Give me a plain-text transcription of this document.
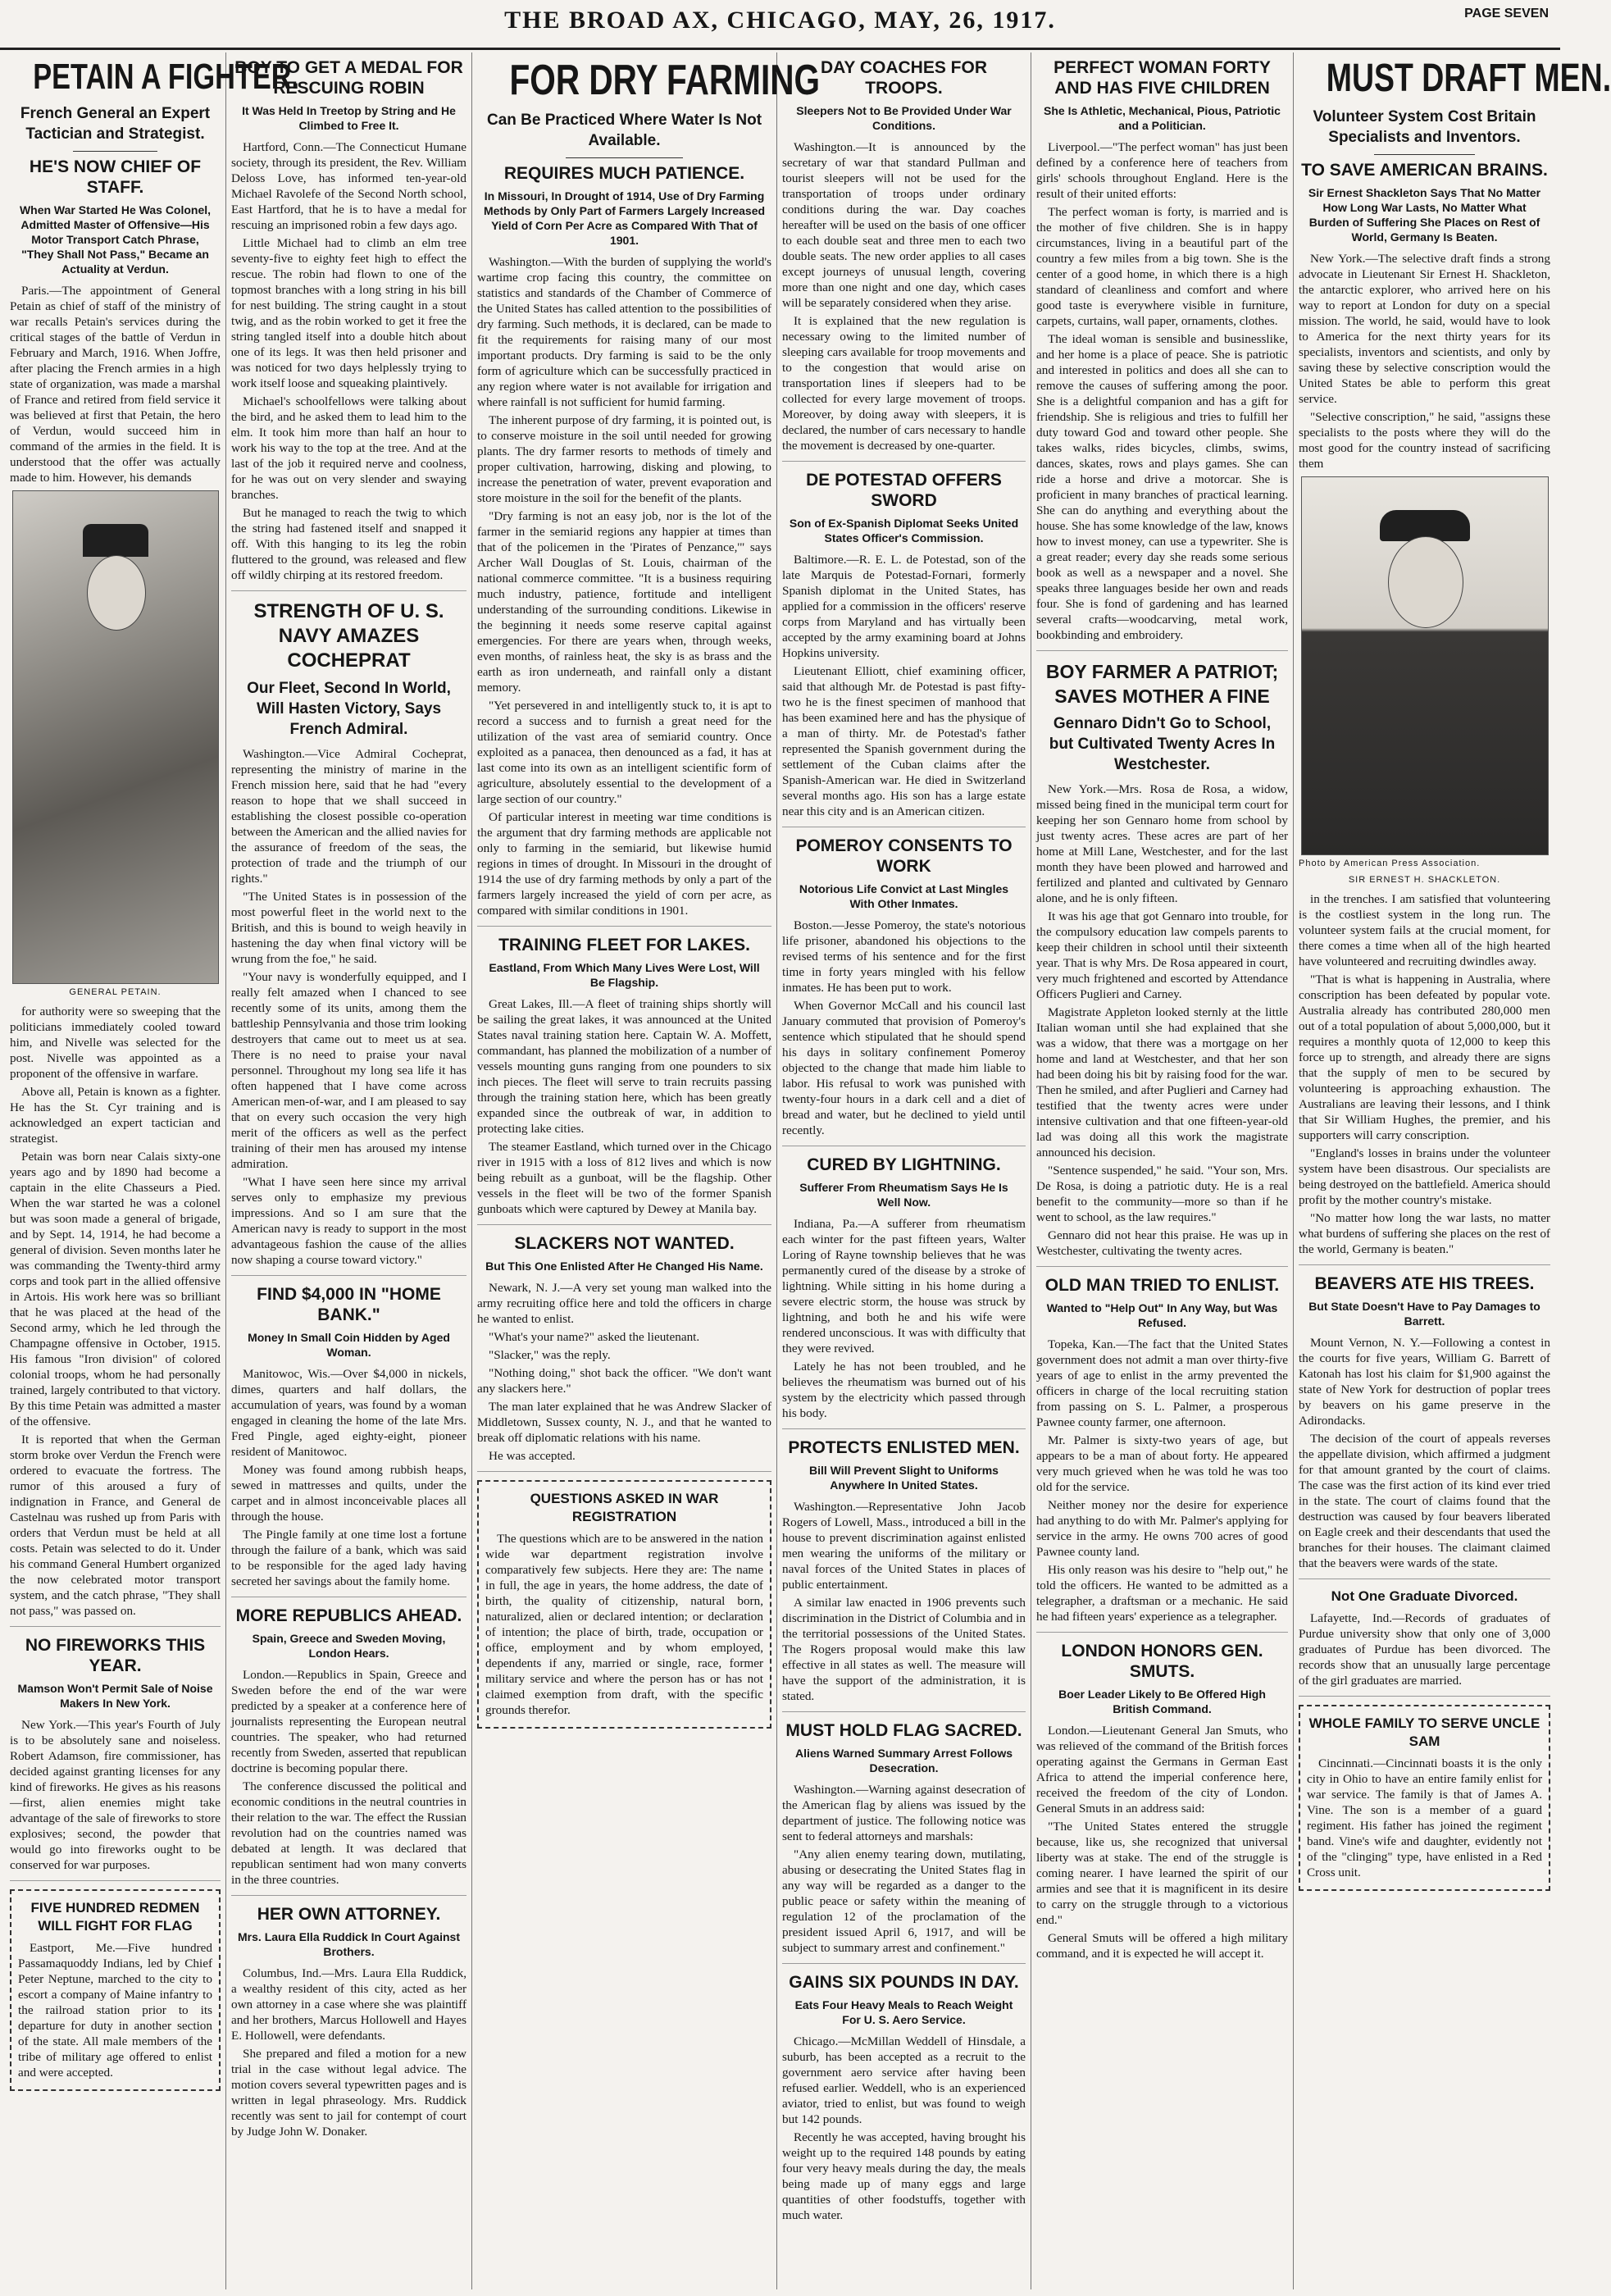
THE BROAD AX, CHICAGO, MAY, 26, 1917.	PAGE SEVEN
PETAIN A FIGHTER.
French General an Expert Tactician and Strategist.
HE'S NOW CHIEF OF STAFF.
When War Started He Was Colonel, Admitted Master of Offensive—His Motor Transport Catch Phrase, "They Shall Not Pass," Became an Actuality at Verdun.

Paris.—The appointment of General Petain as chief of staff of the ministry of war recalls Petain's services during the critical stages of the battle of Verdun in February and March, 1916. When Joffre, after placing the French armies in a high state of organization, was made a marshal of France and retired from field service it was believed at first that Petain, the hero of Verdun, would succeed him in command of the armies in the field. It is understood that the offer was actually made to him. However, his demands

GENERAL PETAIN.

for authority were so sweeping that the politicians immediately cooled toward him, and Nivelle was selected for the post. Nivelle was appointed as a proponent of the offensive in warfare.

Above all, Petain is known as a fighter. He has the St. Cyr training and is acknowledged an expert tactician and strategist.

Petain was born near Calais sixty-one years ago and by 1890 had become a captain in the elite Chasseurs a Pied. When the war started he was a colonel but was soon made a general of brigade, and by Sept. 14, 1914, he had become a general of division. Seven months later he was commanding the Twenty-third army corps and took part in the allied offensive in Artois. His work here was so brilliant that he was placed at the head of the Second army, which he led through the Champagne offensive in October, 1915. His famous "Iron division" of colored colonial troops, whom he had personally trained, largely contributed to that victory. By this time Petain was admitted a master of the offensive.

It is reported that when the German storm broke over Verdun the French were ordered to evacuate the fortress. The rumor of this aroused a fury of indignation in France, and General de Castelnau was rushed up from Paris with orders that Verdun must be held at all costs. Petain was selected to do it. Under his command General Humbert organized the now celebrated motor transport system, and the catch phrase, "They shall not pass," was passed on.

NO FIREWORKS THIS YEAR.
Mamson Won't Permit Sale of Noise Makers In New York.

New York.—This year's Fourth of July is to be absolutely sane and noiseless. Robert Adamson, fire commissioner, has decided against granting licenses for any kind of fireworks. He gives as his reasons—first, alien enemies might take advantage of the sale of fireworks to store explosives; second, the powder that would go into fireworks ought to be conserved for war purposes.

FIVE HUNDRED REDMEN WILL FIGHT FOR FLAG

Eastport, Me.—Five hundred Passamaquoddy Indians, led by Chief Peter Neptune, marched to the city to escort a company of Maine infantry to the railroad station prior to its departure for duty in another section of the state. All male members of the tribe of military age offered to enlist and were accepted.

BOY TO GET A MEDAL FOR RESCUING ROBIN
It Was Held In Treetop by String and He Climbed to Free It.

Hartford, Conn.—The Connecticut Humane society, through its president, the Rev. William Deloss Love, has informed ten-year-old Michael Ravolefe of the Second North school, East Hartford, that he is to have a medal for rescuing an imprisoned robin a few days ago.

Little Michael had to climb an elm tree seventy-five to eighty feet high to effect the rescue. The robin had flown to one of the topmost branches with a long string in his bill for nest building. The string caught in a stout twig, and as the robin worked to get it free the string tangled itself into a double hitch about one of its legs. It was then held prisoner and was noticed for two days helplessly trying to work itself loose and squeaking plaintively.

Michael's schoolfellows were talking about the bird, and he asked them to lead him to the elm. It took him more than half an hour to work his way to the top at the tree. And at the last of the job it required nerve and coolness, for he was out on very slender and swaying branches.

But he managed to reach the twig to which the string had fastened itself and snapped it off. With this hanging to its leg the robin fluttered to the ground, was released and flew off wildly chirping at its restored freedom.

STRENGTH OF U. S. NAVY AMAZES COCHEPRAT
Our Fleet, Second In World, Will Hasten Victory, Says French Admiral.

Washington.—Vice Admiral Cocheprat, representing the ministry of marine in the French mission here, said that he had "every reason to hope that we shall succeed in establishing the closest possible co-operation between the American and the allied navies for the assurance of freedom of the seas, the protection of trade and the triumph of our rights."

"The United States is in possession of the most powerful fleet in the world next to the British, and this is bound to weigh heavily in hastening the day when final victory will be wrung from the foe," he said.

"Your navy is wonderfully equipped, and I really felt amazed when I chanced to see recently some of its units, among them the battleship Pennsylvania and those trim looking destroyers that came out to meet us at sea. There is no need to praise your naval personnel. Throughout my long sea life it has often happened that I have come across American men-of-war, and I am pleased to say that on every such occasion the very high merit of the officers as well as the perfect training of their men has aroused my intense admiration.

"What I have seen here since my arrival serves only to emphasize my previous impressions. And so I am sure that the American navy is ready to support in the most advantageous fashion the cause of the allies now shaping a course toward victory."

FIND $4,000 IN "HOME BANK."
Money In Small Coin Hidden by Aged Woman.

Manitowoc, Wis.—Over $4,000 in nickels, dimes, quarters and half dollars, the accumulation of years, was found by a woman engaged in cleaning the home of the late Mrs. Fred Pingle, aged eighty-eight, pioneer resident of Manitowoc.

Money was found among rubbish heaps, sewed in mattresses and quilts, under the carpet and in almost inconceivable places all through the house.

The Pingle family at one time lost a fortune through the failure of a bank, which was said to be responsible for the aged lady having secreted her savings about the family home.

MORE REPUBLICS AHEAD.
Spain, Greece and Sweden Moving, London Hears.

London.—Republics in Spain, Greece and Sweden before the end of the war were predicted by a speaker at a conference here of journalists representing the European neutral countries. The speaker, who had returned recently from Sweden, asserted that republican doctrine is becoming popular there.

The conference discussed the political and economic conditions in the neutral countries in their relation to the war. The effect the Russian revolution had on the countries named was debated at length. It was declared that republican sentiment had won many converts in the three countries.

HER OWN ATTORNEY.
Mrs. Laura Ella Ruddick In Court Against Brothers.

Columbus, Ind.—Mrs. Laura Ella Ruddick, a wealthy resident of this city, acted as her own attorney in a case where she was plaintiff and her brothers, Marcus Hollowell and Hayes E. Hollowell, were defendants.

She prepared and filed a motion for a new trial in the case without legal advice. The motion covers several typewritten pages and is written in legal phraseology. Mrs. Ruddick recently was sent to jail for contempt of court by Judge John W. Donaker.

FOR DRY FARMING
Can Be Practiced Where Water Is Not Available.
REQUIRES MUCH PATIENCE.
In Missouri, In Drought of 1914, Use of Dry Farming Methods by Only Part of Farmers Largely Increased Yield of Corn Per Acre as Compared With That of 1901.

Washington.—With the burden of supplying the world's wartime crop facing this country, the committee on statistics and standards of the Chamber of Commerce of the United States has called attention to the possibilities of dry farming. Such methods, it is declared, can be made to fit the requirements for raising many of our most important products. Dry farming is said to be the only form of agriculture which can be successfully practiced in any region where water is not available for irrigation and where rainfall is not sufficient for humid farming.

The inherent purpose of dry farming, it is pointed out, is to conserve moisture in the soil until needed for growing plants. The dry farmer resorts to methods of timely and proper cultivation, harrowing, disking and plowing, to increase the penetration of water, prevent evaporation and store moisture in the soil for the benefit of the plants.

"Dry farming is not an easy job, nor is the lot of the farmer in the semiarid regions any happier at times than that of the policemen in the 'Pirates of Penzance,'" says Archer Wall Douglas of St. Louis, chairman of the national commerce committee. "It is a business requiring much industry, patience, fortitude and intelligent understanding of the surrounding conditions. Likewise in the beginning it needs some reserve capital against emergencies. For there are years when, through weeks, even months, of rainless heat, the sky is as brass and the earth as iron underneath, and rainfall only a distant memory.

"Yet persevered in and intelligently stuck to, it is apt to record a success and to furnish a great need for the utilization of the vast area of semiarid country. Once exploited as a panacea, then denounced as a fad, it has at last come into its own as an intelligent scientific form of agriculture, absolutely essential to the development of a large section of our country."

Of particular interest in meeting war time conditions is the argument that dry farming methods are applicable not only to farming in the semiarid, but likewise humid regions in times of drought. In Missouri in the drought of 1914 the use of dry farming methods by only a part of the farmers largely increased the yield of corn per acre, as compared with similar conditions in 1901.

TRAINING FLEET FOR LAKES.
Eastland, From Which Many Lives Were Lost, Will Be Flagship.

Great Lakes, Ill.—A fleet of training ships shortly will be sailing the great lakes, it was announced at the United States naval training station here. Captain W. A. Moffett, commandant, has planned the mobilization of a number of vessels mounting guns ranging from one pounders to six inch pieces. The fleet will serve to train recruits passing through the training station here, which has been greatly expanded since the outbreak of war, in addition to protecting lake cities.

The steamer Eastland, which turned over in the Chicago river in 1915 with a loss of 812 lives and which is now being rebuilt as a gunboat, will be the flagship. Other vessels in the fleet will be two of the former Spanish gunboats which were captured by Dewey at Manila bay.

SLACKERS NOT WANTED.
But This One Enlisted After He Changed His Name.

Newark, N. J.—A very set young man walked into the army recruiting office here and told the officers in charge he wanted to enlist.

"What's your name?" asked the lieutenant.

"Slacker," was the reply.

"Nothing doing," shot back the officer. "We don't want any slackers here."

The man later explained that he was Andrew Slacker of Middletown, Sussex county, N. J., and that he wanted to break off diplomatic relations with his name.

He was accepted.

QUESTIONS ASKED IN WAR REGISTRATION

The questions which are to be answered in the nation wide war department registration involve comparatively few subjects. Here they are: The name in full, the age in years, the home address, the date of birth, the quality of citizenship, natural born, naturalized, alien or declared intention; or declaration of intention; the place of birth, trade, occupation or office, employment and by whom employed, dependents if any, married or single, race, former military service and where the person has or has not claimed exemption from draft, with the specific grounds therefor.

DAY COACHES FOR TROOPS.
Sleepers Not to Be Provided Under War Conditions.

Washington.—It is announced by the secretary of war that standard Pullman and tourist sleepers will not be used for the transportation of troops under ordinary conditions during the war. Day coaches hereafter will be used on the basis of one officer to each double seat and three men to each two double seats. The new order applies to all cases except journeys of unusual length, covering more than one night and one day, which cases will be separately considered when they arise.

It is explained that the new regulation is necessary owing to the limited number of sleeping cars available for troop movements and to the congestion that would arise on transportation lines if sleepers had to be collected for every large movement of troops. Moreover, by doing away with sleepers, it is declared, the number of cars necessary to handle the movement is decreased by one-quarter.

DE POTESTAD OFFERS SWORD
Son of Ex-Spanish Diplomat Seeks United States Officer's Commission.

Baltimore.—R. E. L. de Potestad, son of the late Marquis de Potestad-Fornari, formerly Spanish diplomat in the United States, has applied for a commission in the officers' reserve corps from Maryland and has virtually been accepted by the army examining board at Johns Hopkins university.

Lieutenant Elliott, chief examining officer, said that although Mr. de Potestad is past fifty-two he is the finest specimen of manhood that has been examined here and has the physique of a man of thirty. Mr. de Potestad's father represented the Spanish government during the settlement of the Cuban claims after the Spanish-American war. He died in Switzerland several months ago. His son has a large estate near this city and is an American citizen.

POMEROY CONSENTS TO WORK
Notorious Life Convict at Last Mingles With Other Inmates.

Boston.—Jesse Pomeroy, the state's notorious life prisoner, abandoned his objections to the revised terms of his sentence and for the first time in forty years mingled with his fellow inmates. He has been put to work.

When Governor McCall and his council last January commuted that provision of Pomeroy's sentence which stipulated that he should spend his days in solitary confinement Pomeroy objected to the change that made him liable to labor. His refusal to work was punished with twenty-four hours in a dark cell and a diet of bread and water, but he declined to yield until recently.

CURED BY LIGHTNING.
Sufferer From Rheumatism Says He Is Well Now.

Indiana, Pa.—A sufferer from rheumatism each winter for the past fifteen years, Walter Loring of Rayne township believes that he was permanently cured of the disease by a stroke of lightning. While sitting in his home during a severe electric storm, the house was struck by lightning, and both he and his wife were rendered unconscious. It was with difficulty that they were revived.

Lately he has not been troubled, and he believes the rheumatism was burned out of his system by the electricity which passed through his body.

PROTECTS ENLISTED MEN.
Bill Will Prevent Slight to Uniforms Anywhere In United States.

Washington.—Representative John Jacob Rogers of Lowell, Mass., introduced a bill in the house to prevent discrimination against enlisted men wearing the uniforms of the military or naval forces of the United States in places of public entertainment.

A similar law enacted in 1906 prevents such discrimination in the District of Columbia and in the territorial possessions of the United States. The Rogers proposal would make this law effective in all states as well. The measure will have the support of the administration, it is stated.

MUST HOLD FLAG SACRED.
Aliens Warned Summary Arrest Follows Desecration.

Washington.—Warning against desecration of the American flag by aliens was issued by the department of justice. The following notice was sent to federal attorneys and marshals:

"Any alien enemy tearing down, mutilating, abusing or desecrating the United States flag in any way will be regarded as a danger to the public peace or safety within the meaning of regulation 12 of the proclamation of the president issued April 6, 1917, and will be subject to summary arrest and confinement."

GAINS SIX POUNDS IN DAY.
Eats Four Heavy Meals to Reach Weight For U. S. Aero Service.

Chicago.—McMillan Weddell of Hinsdale, a suburb, has been accepted as a recruit to the government aero service after having been refused earlier. Weddell, who is an experienced aviator, tried to enlist, but was found to weigh but 142 pounds.

Recently he was accepted, having brought his weight up to the required 148 pounds by eating four very heavy meals during the day, the meals being made up of many eggs and large quantities of other foodstuffs, together with much water.

PERFECT WOMAN FORTY AND HAS FIVE CHILDREN
She Is Athletic, Mechanical, Pious, Patriotic and a Politician.

Liverpool.—"The perfect woman" has just been defined by a conference here of teachers from girls' schools throughout England. Here is the result of their united efforts:

The perfect woman is forty, is married and is the mother of five children. She is in happy circumstances, living in a beautiful part of the country a few miles from a big town. She is the center of a good home, in which there is a high standard of cleanliness and comfort and where good taste is everywhere visible in furniture, carpets, curtains, wall paper, ornaments, clothes.

The ideal woman is sensible and businesslike, and her home is a place of peace. She is patriotic and interested in politics and does all she can to remove the causes of suffering among the poor. She is a delightful companion and has a gift for friendship. She is religious and tries to fulfill her duty toward God and toward other people. She takes walks, rides bicycles, climbs, swims, dances, skates, rows and plays games. She can ride a horse and drive a motorcar. She is proficient in many branches of practical learning. She can do anything and everything about the house. She has some knowledge of the law, knows how to invest money, can use a typewriter. She is a great reader; every day she reads some serious book as well as a newspaper and a novel. She speaks three languages beside her own and reads four. She is fond of gardening and has learned several crafts—woodcarving, metal work, bookbinding and embroidery.

BOY FARMER A PATRIOT; SAVES MOTHER A FINE
Gennaro Didn't Go to School, but Cultivated Twenty Acres In Westchester.

New York.—Mrs. Rosa de Rosa, a widow, missed being fined in the municipal term court for keeping her son Gennaro home from school by just twenty acres. These acres are part of her home at Mill Lane, Westchester, and for the last month they have been plowed and harrowed and fertilized and planted and cultivated by Gennaro alone, and he is only fifteen.

It was his age that got Gennaro into trouble, for the compulsory education law compels parents to keep their children in school until their sixteenth year. That is why Mrs. De Rosa appeared in court, very much frightened and escorted by Attendance Officers Puglieri and Carney.

Magistrate Appleton looked sternly at the little Italian woman until she had explained that she was a widow, that there was a mortgage on her home and land at Westchester, and that her son had been doing his bit by raising food for the war. Then he smiled, and after Puglieri and Carney had testified that the twenty acres were under intensive cultivation and that one fifteen-year-old lad was doing all this work the magistrate announced his decision.

"Sentence suspended," he said. "Your son, Mrs. De Rosa, is doing a patriotic duty. He is a real benefit to the community—more so than if he went to school, as the law requires."

Gennaro did not hear this praise. He was up in Westchester, cultivating the twenty acres.

OLD MAN TRIED TO ENLIST.
Wanted to "Help Out" In Any Way, but Was Refused.

Topeka, Kan.—The fact that the United States government does not admit a man over thirty-five years of age to enlist in the army prevented the officers in charge of the local recruiting station from passing on S. L. Palmer, a prosperous Pawnee county farmer, one afternoon.

Mr. Palmer is sixty-two years of age, but appears to be a man of about forty. He appeared very much grieved when he was told he was too old for the service.

Neither money nor the desire for experience had anything to do with Mr. Palmer's applying for service in the army. He owns 700 acres of good Pawnee county land.

His only reason was his desire to "help out," he told the officers. He wanted to be admitted as a telegrapher, a draftsman or a mechanic. He said he had fifteen years' experience as a telegrapher.

LONDON HONORS GEN. SMUTS.
Boer Leader Likely to Be Offered High British Command.

London.—Lieutenant General Jan Smuts, who was relieved of the command of the British forces operating against the Germans in German East Africa to attend the imperial conference here, received the freedom of the city of London. General Smuts in an address said:

"The United States entered the struggle because, like us, she recognized that universal liberty was at stake. The end of the struggle is coming nearer. I have learned the spirit of our armies and see that it is magnificent in its desire to carry on the struggle through to a victorious end."

General Smuts will be offered a high military command, and it is expected he will accept it.

MUST DRAFT MEN.
Volunteer System Cost Britain Specialists and Inventors.
TO SAVE AMERICAN BRAINS.
Sir Ernest Shackleton Says That No Matter How Long War Lasts, No Matter What Burden of Suffering She Places on Rest of World, Germany Is Beaten.

New York.—The selective draft finds a strong advocate in Lieutenant Sir Ernest H. Shackleton, the antarctic explorer, who arrived here on his way to report at London for duty on a special mission. The world, he said, would have to look to America for the next thirty years for its specialists, inventors and scientists, and only by saving these by selective conscription would the United States be able to perform this great service.

"Selective conscription," he said, "assigns these specialists to the posts where they will do the most good for the country instead of sacrificing them

Photo by American Press Association.
SIR ERNEST H. SHACKLETON.

in the trenches. I am satisfied that volunteering is the costliest system in the long run. The volunteer system fails at the crucial moment, for there comes a time when all of the high hearted have volunteered and recruiting dwindles away.

"That is what is happening in Australia, where conscription has been defeated by popular vote. Australia already has contributed 280,000 men out of a total population of about 5,000,000, but it requires a monthly quota of 12,000 to keep this force up to strength, and already there are signs that the supply of men to be secured by volunteering is approaching exhaustion. The Australians are leaving their lessons, and I think that Sir William Hughes, the premier, and his supporters will carry conscription.

"England's losses in brains under the volunteer system have been disastrous. Our specialists are being destroyed on the battlefield. America should profit by the mother country's mistake.

"No matter how long the war lasts, no matter what burdens of suffering she places on the rest of the world, Germany is beaten."

BEAVERS ATE HIS TREES.
But State Doesn't Have to Pay Damages to Barrett.

Mount Vernon, N. Y.—Following a contest in the courts for five years, William G. Barrett of Katonah has lost his claim for $1,900 against the state of New York for destruction of poplar trees by beavers on his game preserve in the Adirondacks.

The decision of the court of appeals reverses the appellate division, which affirmed a judgment for that amount granted by the court of claims. The case was the first action of its kind ever tried in the state. The court of claims found that the destruction was caused by four beavers liberated on Eagle creek and their descendants that used the branches for their houses. The claimant claimed that the beavers were wards of the state.

Not One Graduate Divorced.

Lafayette, Ind.—Records of graduates of Purdue university show that only one of 3,000 graduates of Purdue has been divorced. The records show that an unusually large percentage of the girl graduates are married.

WHOLE FAMILY TO SERVE UNCLE SAM

Cincinnati.—Cincinnati boasts it is the only city in Ohio to have an entire family enlist for war service. The family is that of James A. Vine. The son is a member of a guard regiment. His father has joined the regiment band. Vine's wife and daughter, evidently not of the "clinging" type, have enlisted in a Red Cross unit.
